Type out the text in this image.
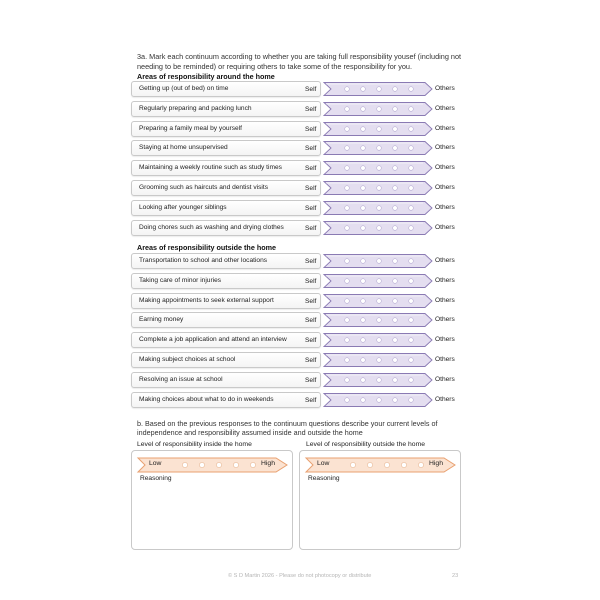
3a. Mark each continuum according to whether you are taking full responsibility yousef (including not needing to be reminded) or requiring others to take some of the responsibility for you.
Areas of responsibility around the home
Getting up (out of bed) on time	Self	Others
Regularly preparing and packing lunch	Self	Others
Preparing a family meal by yourself	Self	Others
Staying at home unsupervised	Self	Others
Maintaining a weekly routine such as study times	Self	Others
Grooming such as haircuts and dentist visits	Self	Others
Looking after younger siblings	Self	Others
Doing chores such as washing and drying clothes	Self	Others
Areas of responsibility outside the home
Transportation to school and other locations	Self	Others
Taking care of minor injuries	Self	Others
Making appointments to seek external support	Self	Others
Earning money	Self	Others
Complete a job application and attend an interview	Self	Others
Making subject choices at school	Self	Others
Resolving an issue at school	Self	Others
Making choices about what to do in weekends	Self	Others
b. Based on the previous responses to the continuum questions describe your current levels of independence and responsibility assumed inside and outside the home
Level of responsibility inside the home
Low	High
Reasoning
Level of responsibility outside the home
Low	High
Reasoning
© S D Martin 2026 - Please do not photocopy or distribute	23
